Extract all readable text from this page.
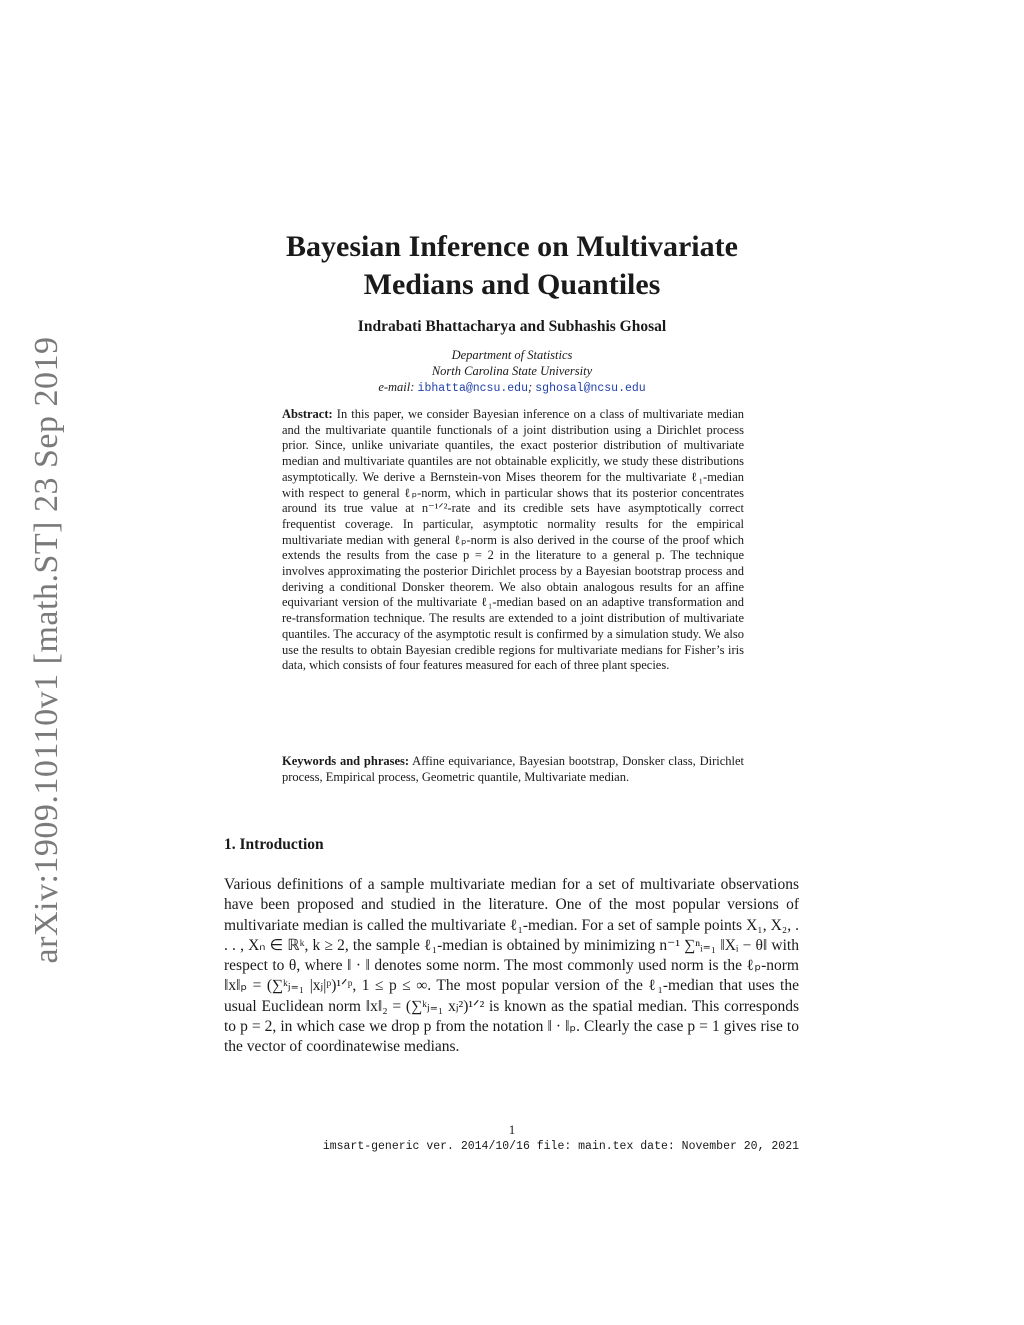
arXiv:1909.10110v1 [math.ST] 23 Sep 2019
Bayesian Inference on Multivariate
Medians and Quantiles
Indrabati Bhattacharya and Subhashis Ghosal
Department of Statistics
North Carolina State University
e-mail: ibhatta@ncsu.edu; sghosal@ncsu.edu
Abstract: In this paper, we consider Bayesian inference on a class of multivariate median and the multivariate quantile functionals of a joint distribution using a Dirichlet process prior. Since, unlike univariate quantiles, the exact posterior distribution of multivariate median and multivariate quantiles are not obtainable explicitly, we study these distributions asymptotically. We derive a Bernstein-von Mises theorem for the multivariate ℓ₁-median with respect to general ℓₚ-norm, which in particular shows that its posterior concentrates around its true value at n⁻¹ᐟ²-rate and its credible sets have asymptotically correct frequentist coverage. In particular, asymptotic normality results for the empirical multivariate median with general ℓₚ-norm is also derived in the course of the proof which extends the results from the case p = 2 in the literature to a general p. The technique involves approximating the posterior Dirichlet process by a Bayesian bootstrap process and deriving a conditional Donsker theorem. We also obtain analogous results for an affine equivariant version of the multivariate ℓ₁-median based on an adaptive transformation and re-transformation technique. The results are extended to a joint distribution of multivariate quantiles. The accuracy of the asymptotic result is confirmed by a simulation study. We also use the results to obtain Bayesian credible regions for multivariate medians for Fisher’s iris data, which consists of four features measured for each of three plant species.
Keywords and phrases: Affine equivariance, Bayesian bootstrap, Donsker class, Dirichlet process, Empirical process, Geometric quantile, Multivariate median.
1. Introduction
Various definitions of a sample multivariate median for a set of multivariate observations have been proposed and studied in the literature. One of the most popular versions of multivariate median is called the multivariate ℓ₁-median. For a set of sample points X₁, X₂, . . . , Xₙ ∈ ℝᵏ, k ≥ 2, the sample ℓ₁-median is obtained by minimizing n⁻¹ ∑ⁿᵢ₌₁ ‖Xᵢ − θ‖ with respect to θ, where ‖ · ‖ denotes some norm. The most commonly used norm is the ℓₚ-norm ‖x‖ₚ = (∑ᵏⱼ₌₁ |xⱼ|ᵖ)¹ᐟᵖ, 1 ≤ p ≤ ∞. The most popular version of the ℓ₁-median that uses the usual Euclidean norm ‖x‖₂ = (∑ᵏⱼ₌₁ xⱼ²)¹ᐟ² is known as the spatial median. This corresponds to p = 2, in which case we drop p from the notation ‖ · ‖ₚ. Clearly the case p = 1 gives rise to the vector of coordinatewise medians.
1
imsart-generic ver. 2014/10/16 file: main.tex date: November 20, 2021
